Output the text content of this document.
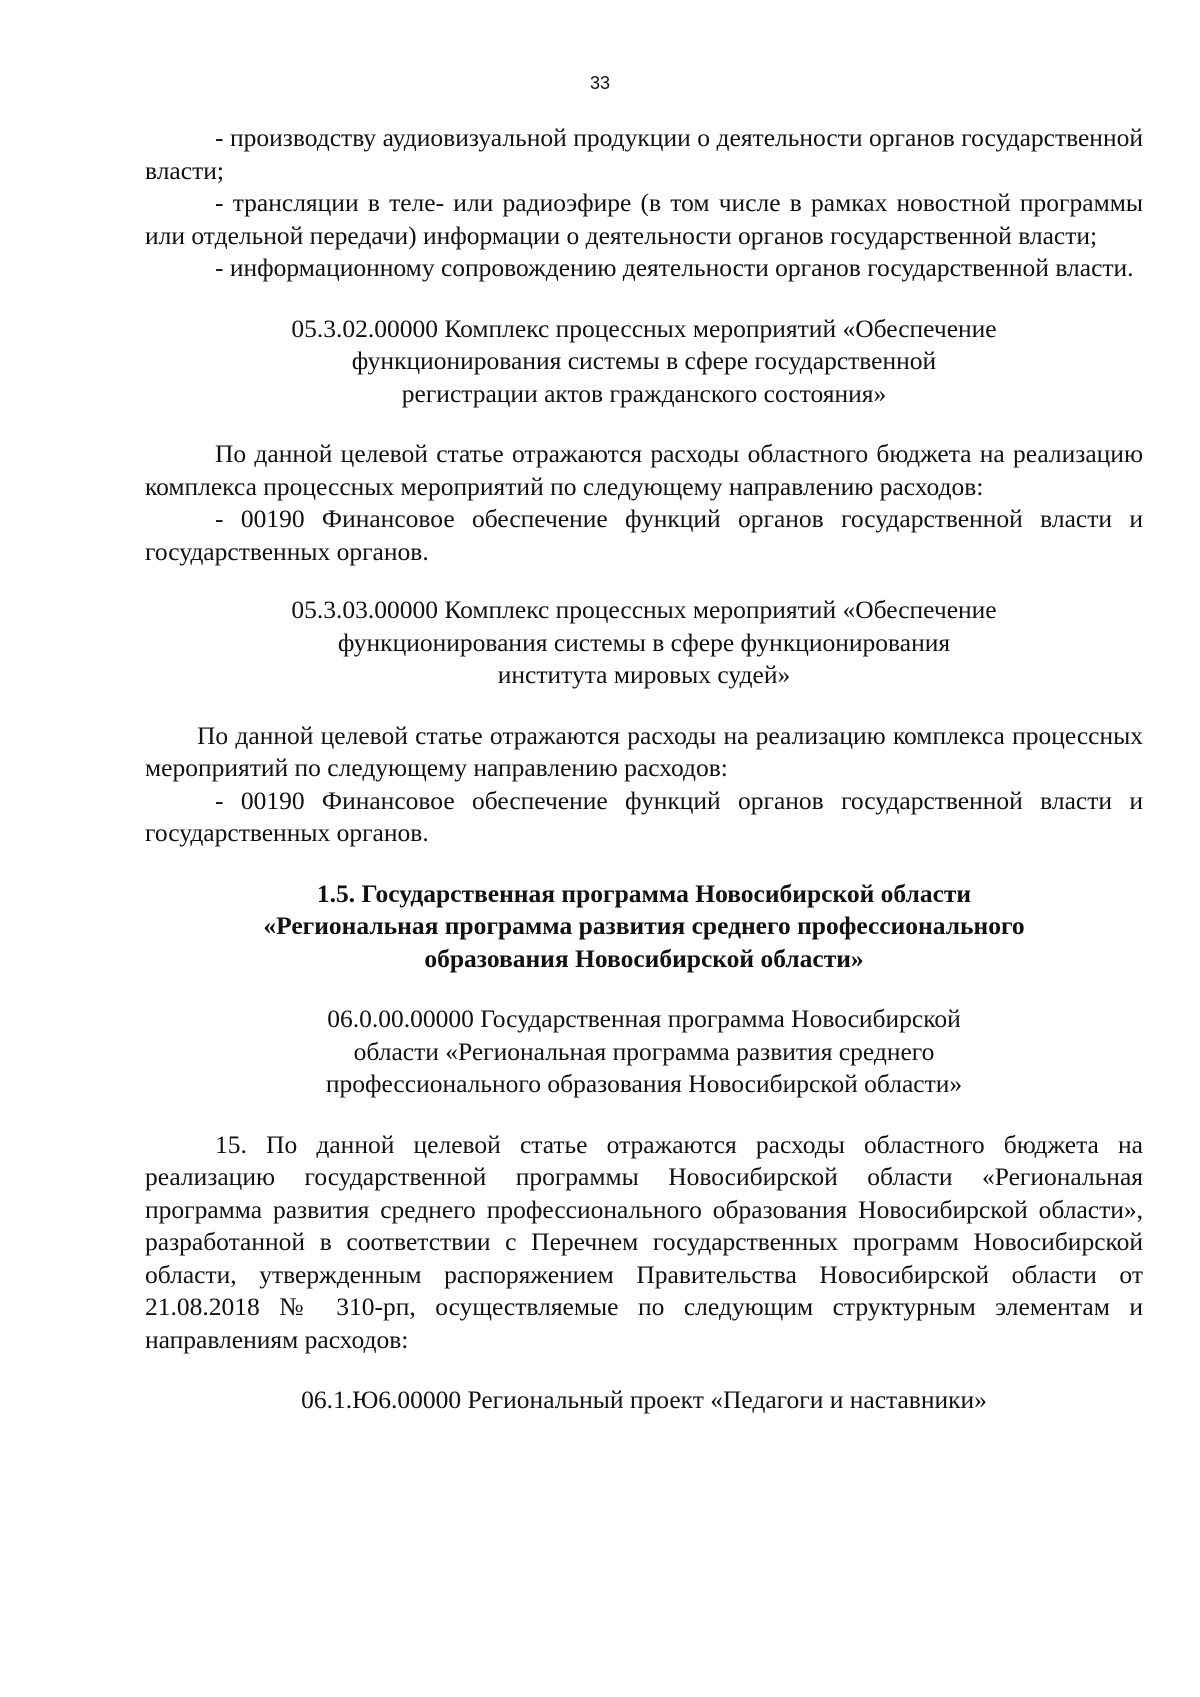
33

- производству аудиовизуальной продукции о деятельности органов государственной власти;

- трансляции в теле- или радиоэфире (в том числе в рамках новостной программы или отдельной передачи) информации о деятельности органов государственной власти;

- информационному сопровождению деятельности органов государственной власти.

05.3.02.00000 Комплекс процессных мероприятий «Обеспечение
функционирования системы в сфере государственной
регистрации актов гражданского состояния»

По данной целевой статье отражаются расходы областного бюджета на реализацию комплекса процессных мероприятий по следующему направлению расходов:

- 00190 Финансовое обеспечение функций органов государственной власти и государственных органов.

05.3.03.00000 Комплекс процессных мероприятий «Обеспечение
функционирования системы в сфере функционирования
института мировых судей»

По данной целевой статье отражаются расходы на реализацию комплекса процессных мероприятий по следующему направлению расходов:

- 00190 Финансовое обеспечение функций органов государственной власти и государственных органов.

1.5. Государственная программа Новосибирской области
«Региональная программа развития среднего профессионального
образования Новосибирской области»
06.0.00.00000 Государственная программа Новосибирской
области «Региональная программа развития среднего
профессионального образования Новосибирской области»

15. По данной целевой статье отражаются расходы областного бюджета на реализацию государственной программы Новосибирской области «Региональная программа развития среднего профессионального образования Новосибирской области», разработанной в соответствии с Перечнем государственных программ Новосибирской области, утвержденным распоряжением Правительства Новосибирской области от 21.08.2018 № 310-рп, осуществляемые по следующим структурным элементам и направлениям расходов:

06.1.Ю6.00000 Региональный проект «Педагоги и наставники»
